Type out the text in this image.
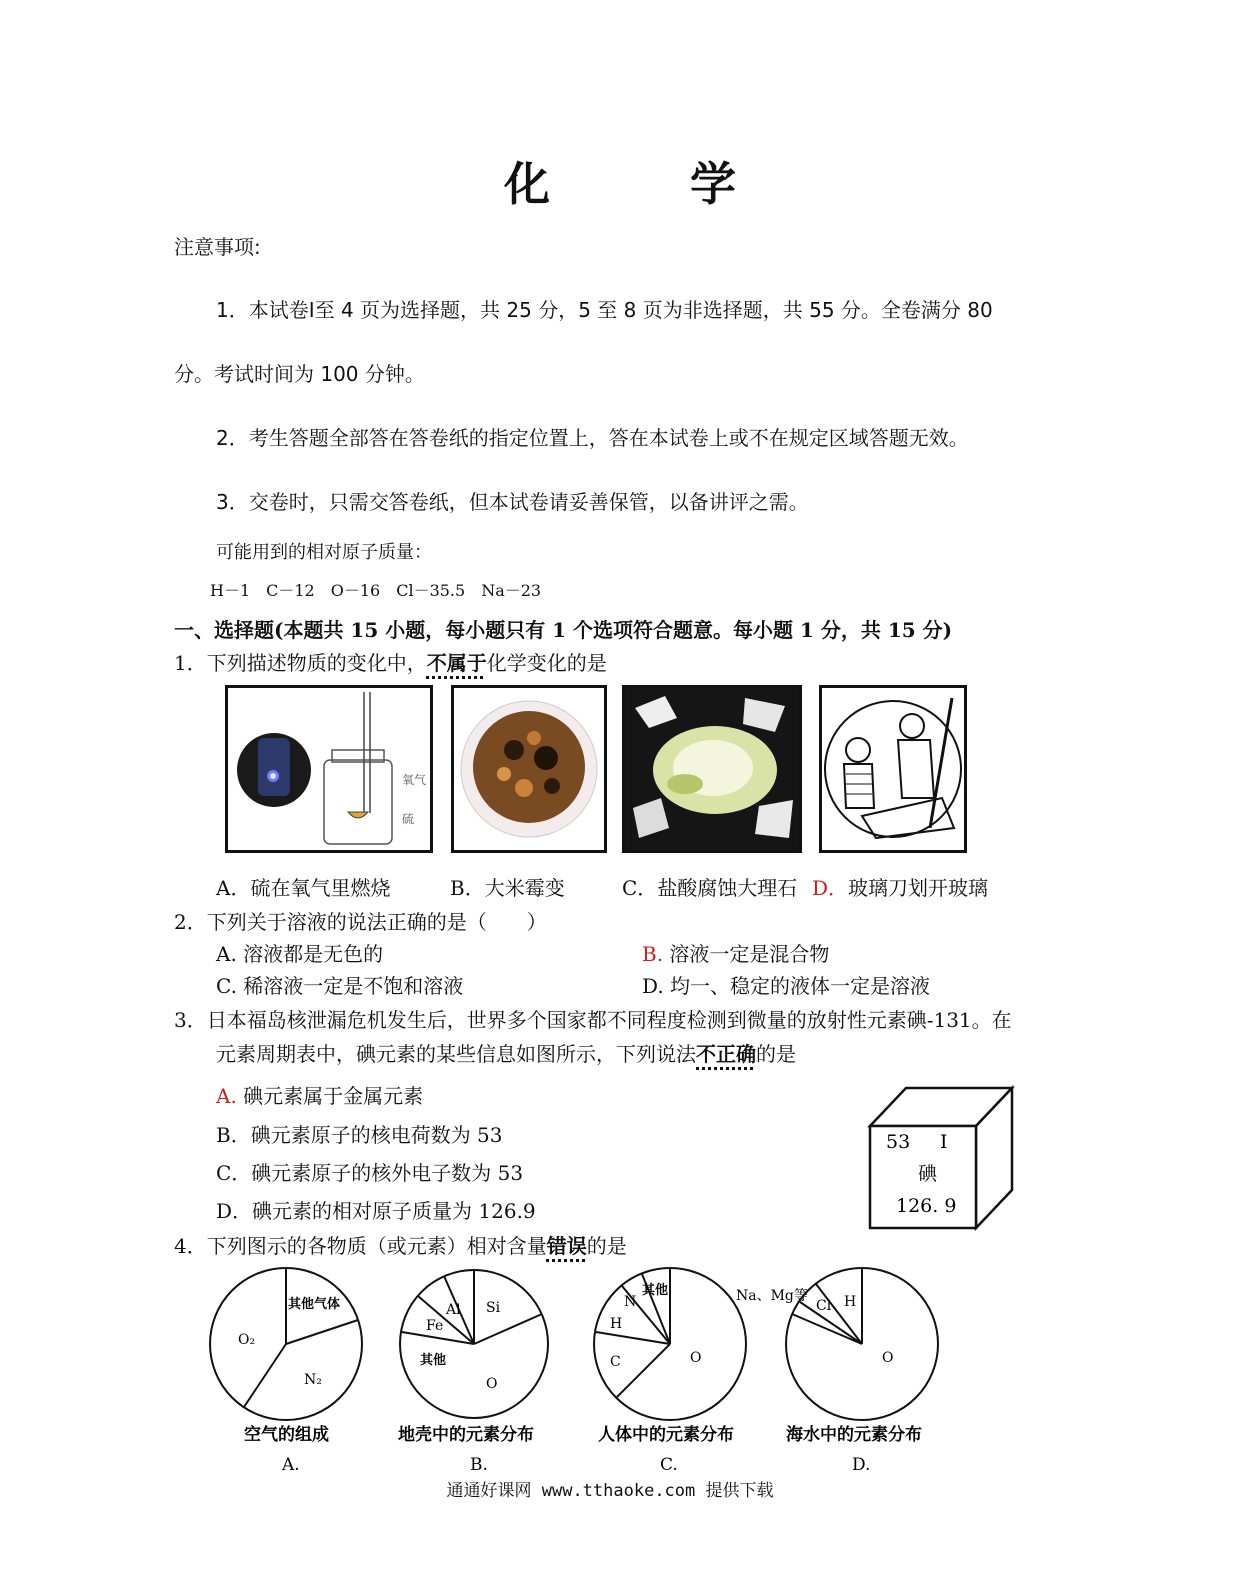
化 学
注意事项:
1．本试卷Ⅰ至 4 页为选择题，共 25 分，5 至 8 页为非选择题，共 55 分。全卷满分 80
分。考试时间为 100 分钟。
2．考生答题全部答在答卷纸的指定位置上，答在本试卷上或不在规定区域答题无效。
3．交卷时，只需交答卷纸，但本试卷请妥善保管，以备讲评之需。
可能用到的相对原子质量：
H－1　C－12　O－16　Cl－35.5　Na－23
一、选择题(本题共 15 小题，每小题只有 1 个选项符合题意。每小题 1 分，共 15 分)
1．下列描述物质的变化中，不属于化学变化的是
氧气
硫
A．硫在氧气里燃烧	B．大米霉变	C．盐酸腐蚀大理石 D．玻璃刀划开玻璃
2．下列关于溶液的说法正确的是（　　）
A. 溶液都是无色的	B. 溶液一定是混合物
C. 稀溶液一定是不饱和溶液	D. 均一、稳定的液体一定是溶液
3．日本福岛核泄漏危机发生后，世界多个国家都不同程度检测到微量的放射性元素碘-131。在
元素周期表中，碘元素的某些信息如图所示，下列说法不正确的是
A. 碘元素属于金属元素
B．碘元素原子的核电荷数为 53
C．碘元素原子的核外电子数为 53
D．碘元素的相对原子质量为 126.9
53 I
碘
126. 9
4．下列图示的各物质（或元素）相对含量错误的是
其他气体
O₂
N₂
空气的组成
A.
Al Si
Fe
其他
O
地壳中的元素分布
B.
N
其他
H
C	O
人体中的元素分布
C.
Na、Mg等
Cl H
O
海水中的元素分布
D.
通通好课网 www.tthaoke.com 提供下载
